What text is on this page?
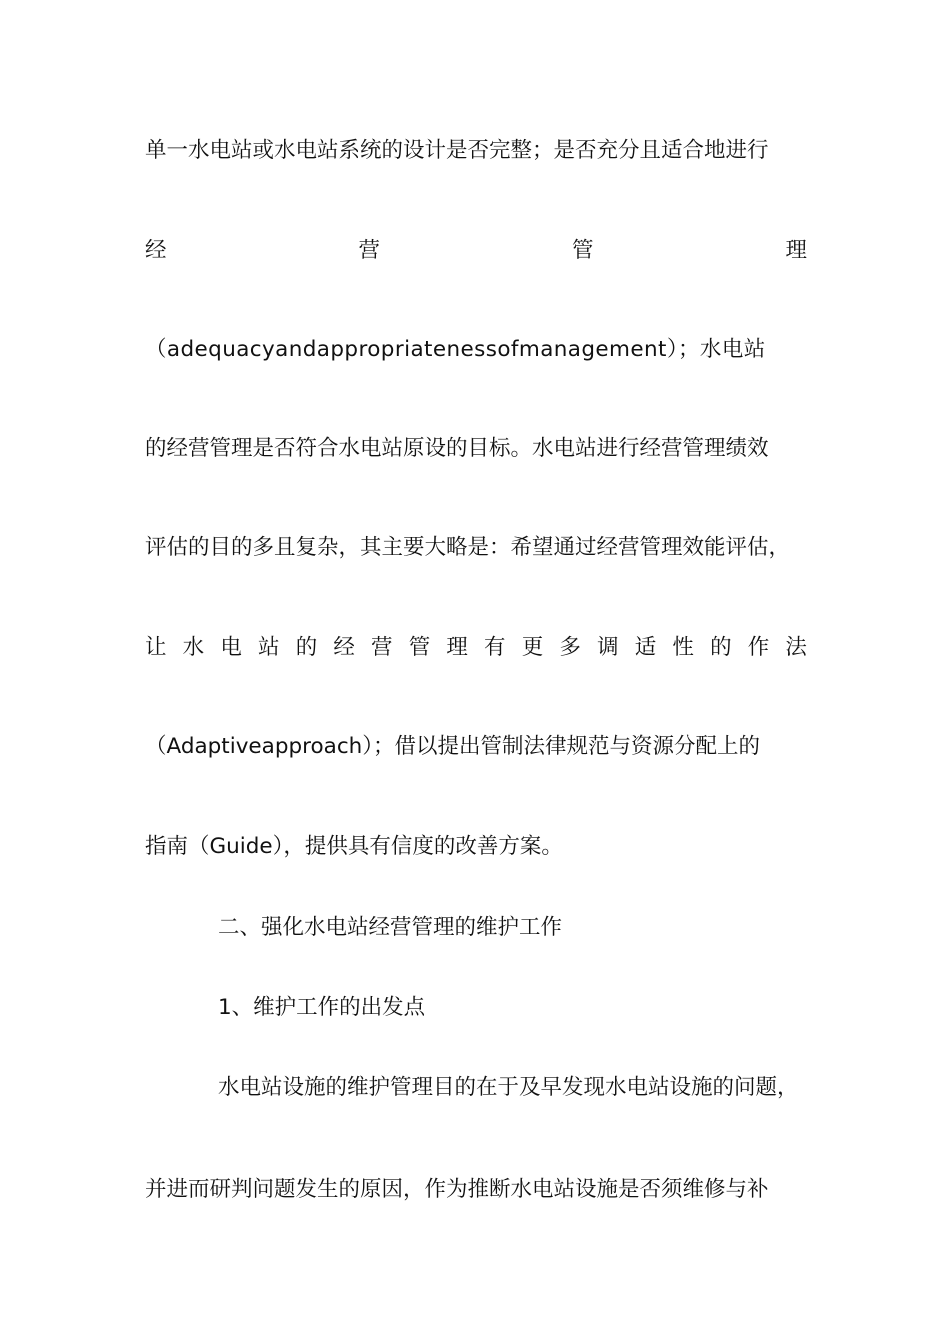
单一水电站或水电站系统的设计是否完整；是否充分且适合地进行
经	营	管	理
（adequacyandappropriatenessofmanagement）；水电站
的经营管理是否符合水电站原设的目标。水电站进行经营管理绩效
评估的目的多且复杂，其主要大略是：希望通过经营管理效能评估，
让 水 电 站 的 经 营 管 理 有 更 多 调 适 性 的 作 法
（Adaptiveapproach）；借以提出管制法律规范与资源分配上的
指南（Guide），提供具有信度的改善方案。
二、强化水电站经营管理的维护工作
1、维护工作的出发点
水电站设施的维护管理目的在于及早发现水电站设施的问题，
并进而研判问题发生的原因，作为推断水电站设施是否须维修与补
